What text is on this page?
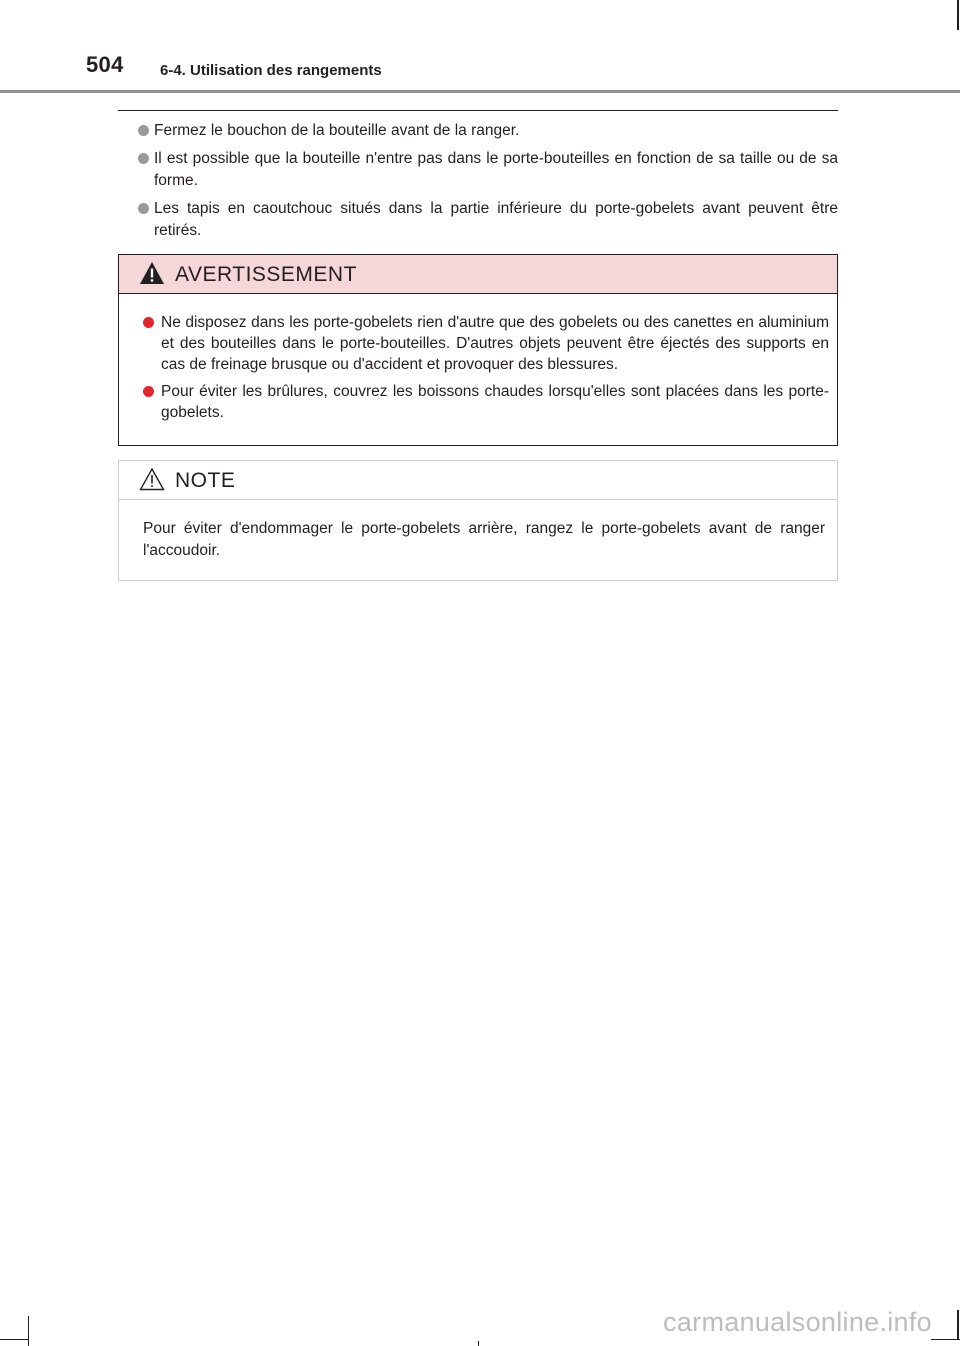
504 6-4. Utilisation des rangements
Fermez le bouchon de la bouteille avant de la ranger.
Il est possible que la bouteille n'entre pas dans le porte-bouteilles en fonction de sa taille ou de sa forme.
Les tapis en caoutchouc situés dans la partie inférieure du porte-gobelets avant peuvent être retirés.
AVERTISSEMENT
Ne disposez dans les porte-gobelets rien d'autre que des gobelets ou des canettes en aluminium et des bouteilles dans le porte-bouteilles. D'autres objets peuvent être éjectés des supports en cas de freinage brusque ou d'accident et provoquer des blessures.
Pour éviter les brûlures, couvrez les boissons chaudes lorsqu'elles sont placées dans les porte-gobelets.
NOTE
Pour éviter d'endommager le porte-gobelets arrière, rangez le porte-gobelets avant de ranger l'accoudoir.
carmanualsonline.info
